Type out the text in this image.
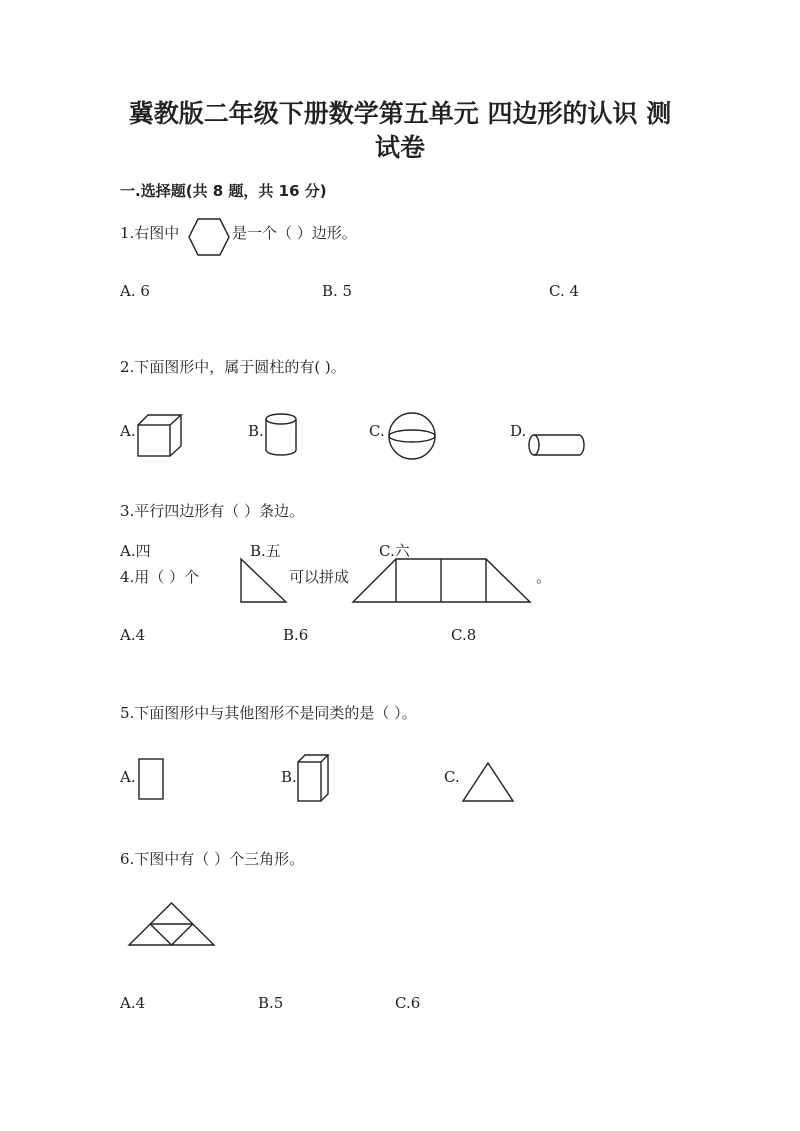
冀教版二年级下册数学第五单元 四边形的认识 测
试卷
一.选择题(共 8 题，共 16 分)
1.右图中	是一个（ ）边形。
A. 6	B. 5	C. 4
2.下面图形中，属于圆柱的有( )。
A.	B.	C.	D.
3.平行四边形有（ ）条边。
A.四	B.五	C.六
4.用（ ）个	可以拼成	。
A.4	B.6	C.8
5.下面图形中与其他图形不是同类的是（ ）。
A.	B.	C.
6.下图中有（ ）个三角形。
A.4	B.5	C.6
